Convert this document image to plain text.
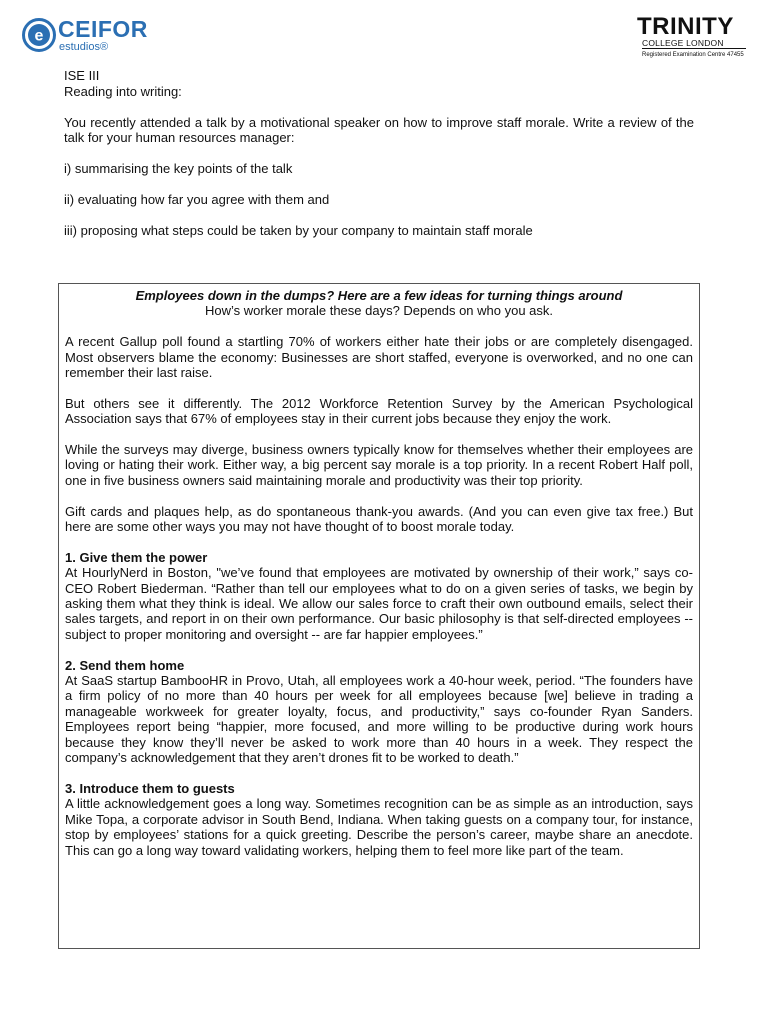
e CEIFOR
estudios®
TRINITY
COLLEGE LONDON
Registered Examination Centre 47455

ISE III

Reading into writing:

You recently attended a talk by a motivational speaker on how to improve staff morale. Write a review of the talk for your human resources manager:

i) summarising the key points of the talk

ii) evaluating how far you agree with them and

iii) proposing what steps could be taken by your company to maintain staff morale

Employees down in the dumps? Here are a few ideas for turning things around

How’s worker morale these days? Depends on who you ask.

A recent Gallup poll found a startling 70% of workers either hate their jobs or are completely disengaged. Most observers blame the economy: Businesses are short staffed, everyone is overworked, and no one can remember their last raise.

But others see it differently. The 2012 Workforce Retention Survey by the American Psychological Association says that 67% of employees stay in their current jobs because they enjoy the work.

While the surveys may diverge, business owners typically know for themselves whether their employees are loving or hating their work. Either way, a big percent say morale is a top priority. In a recent Robert Half poll, one in five business owners said maintaining morale and productivity was their top priority.

Gift cards and plaques help, as do spontaneous thank-you awards. (And you can even give tax free.) But here are some other ways you may not have thought of to boost morale today.

1. Give them the power

At HourlyNerd in Boston, "we’ve found that employees are motivated by ownership of their work,” says co-CEO Robert Biederman. “Rather than tell our employees what to do on a given series of tasks, we begin by asking them what they think is ideal. We allow our sales force to craft their own outbound emails, select their sales targets, and report in on their own performance. Our basic philosophy is that self-directed employees -- subject to proper monitoring and oversight -- are far happier employees.”

2. Send them home

At SaaS startup BambooHR in Provo, Utah, all employees work a 40-hour week, period. “The founders have a firm policy of no more than 40 hours per week for all employees because [we] believe in trading a manageable workweek for greater loyalty, focus, and productivity,” says co-founder Ryan Sanders. Employees report being “happier, more focused, and more willing to be productive during work hours because they know they’ll never be asked to work more than 40 hours in a week. They respect the company’s acknowledgement that they aren’t drones fit to be worked to death.”

3. Introduce them to guests

A little acknowledgement goes a long way. Sometimes recognition can be as simple as an introduction, says Mike Topa, a corporate advisor in South Bend, Indiana. When taking guests on a company tour, for instance, stop by employees’ stations for a quick greeting. Describe the person’s career, maybe share an anecdote. This can go a long way toward validating workers, helping them to feel more like part of the team.
